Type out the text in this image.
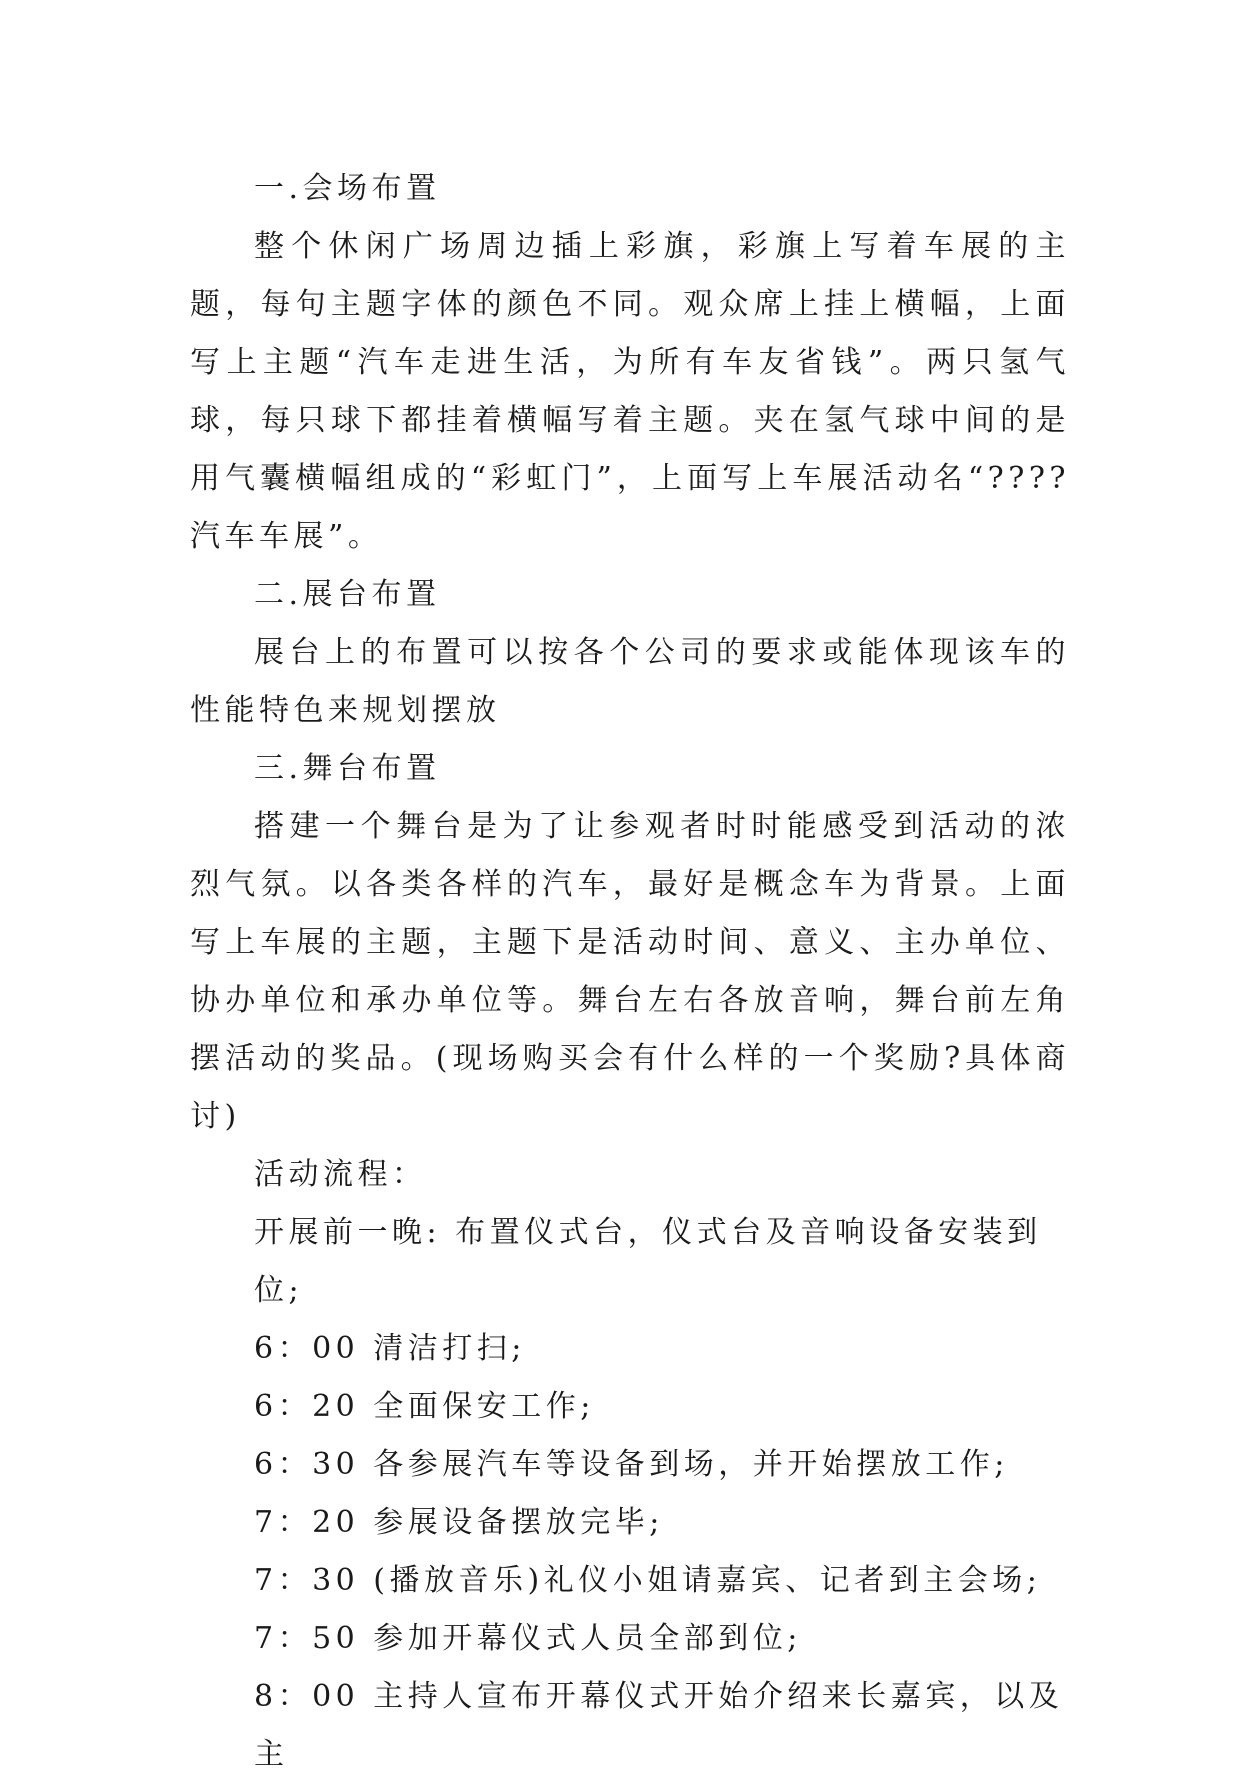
一.会场布置
整个休闲广场周边插上彩旗，彩旗上写着车展的主题，每句主题字体的颜色不同。观众席上挂上横幅，上面写上主题“汽车走进生活，为所有车友省钱”。两只氢气球，每只球下都挂着横幅写着主题。夹在氢气球中间的是用气囊横幅组成的“彩虹门”，上面写上车展活动名“????汽车车展”。
二.展台布置
展台上的布置可以按各个公司的要求或能体现该车的性能特色来规划摆放
三.舞台布置
搭建一个舞台是为了让参观者时时能感受到活动的浓烈气氛。以各类各样的汽车，最好是概念车为背景。上面写上车展的主题，主题下是活动时间、意义、主办单位、协办单位和承办单位等。舞台左右各放音响，舞台前左角摆活动的奖品。(现场购买会有什么样的一个奖励?具体商讨)
活动流程：
开展前一晚: 布置仪式台，仪式台及音响设备安装到位;
6：00 清洁打扫;
6：20 全面保安工作;
6：30 各参展汽车等设备到场，并开始摆放工作;
7：20 参展设备摆放完毕;
7：30 (播放音乐)礼仪小姐请嘉宾、记者到主会场;
7：50 参加开幕仪式人员全部到位;
8：00 主持人宣布开幕仪式开始介绍来长嘉宾，以及主
